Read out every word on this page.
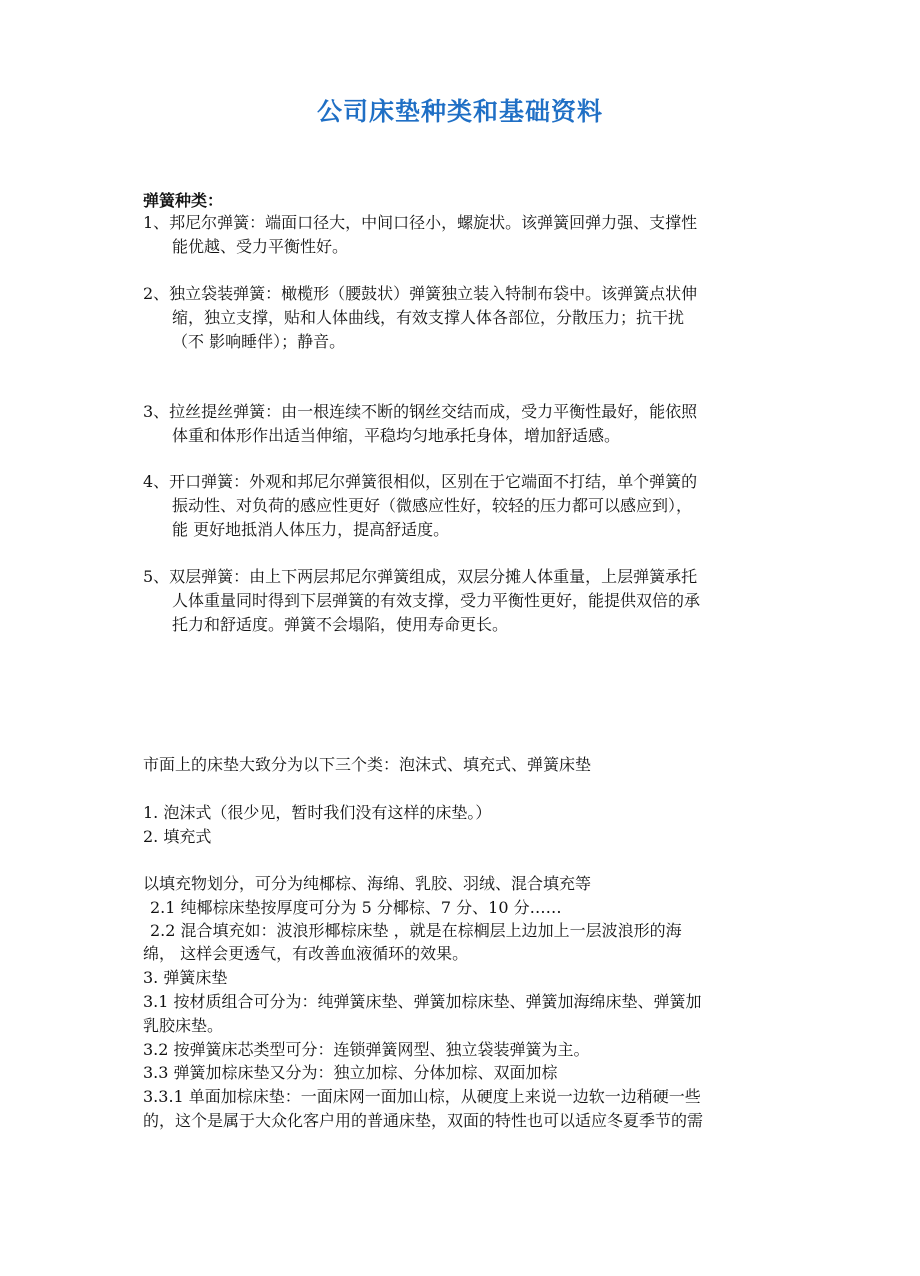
公司床垫种类和基础资料
弹簧种类：
1、邦尼尔弹簧：端面口径大，中间口径小，螺旋状。该弹簧回弹力强、支撑性
能优越、受力平衡性好。
2、独立袋装弹簧：橄榄形（腰鼓状）弹簧独立装入特制布袋中。该弹簧点状伸
缩，独立支撑，贴和人体曲线，有效支撑人体各部位，分散压力；抗干扰
（不 影响睡伴）；静音。
3、拉丝提丝弹簧：由一根连续不断的钢丝交结而成，受力平衡性最好，能依照
体重和体形作出适当伸缩，平稳均匀地承托身体，增加舒适感。
4、开口弹簧：外观和邦尼尔弹簧很相似，区别在于它端面不打结，单个弹簧的
振动性、对负荷的感应性更好（微感应性好，较轻的压力都可以感应到），
能 更好地抵消人体压力，提高舒适度。
5、双层弹簧：由上下两层邦尼尔弹簧组成，双层分摊人体重量，上层弹簧承托
人体重量同时得到下层弹簧的有效支撑，受力平衡性更好，能提供双倍的承
托力和舒适度。弹簧不会塌陷，使用寿命更长。
市面上的床垫大致分为以下三个类：泡沫式、填充式、弹簧床垫
1. 泡沫式（很少见，暂时我们没有这样的床垫。）
2. 填充式
以填充物划分，可分为纯椰棕、海绵、乳胶、羽绒、混合填充等
2.1 纯椰棕床垫按厚度可分为 5 分椰棕、7 分、10 分……
2.2 混合填充如：波浪形椰棕床垫 ，就是在棕榈层上边加上一层波浪形的海
绵， 这样会更透气，有改善血液循环的效果。
3. 弹簧床垫
3.1 按材质组合可分为：纯弹簧床垫、弹簧加棕床垫、弹簧加海绵床垫、弹簧加
乳胶床垫。
3.2 按弹簧床芯类型可分：连锁弹簧网型、独立袋装弹簧为主。
3.3 弹簧加棕床垫又分为：独立加棕、分体加棕、双面加棕
3.3.1 单面加棕床垫：一面床网一面加山棕，从硬度上来说一边软一边稍硬一些
的，这个是属于大众化客户用的普通床垫，双面的特性也可以适应冬夏季节的需
